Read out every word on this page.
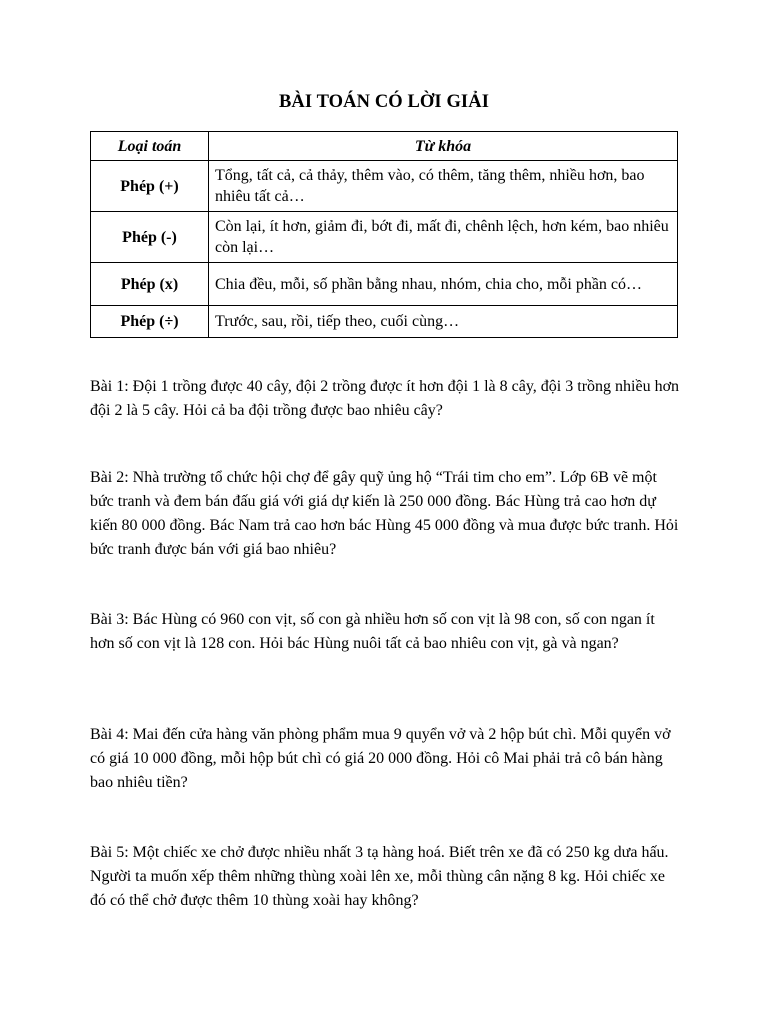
BÀI TOÁN CÓ LỜI GIẢI
Loại toán	Từ khóa
Phép (+)	Tổng, tất cả, cả thảy, thêm vào, có thêm, tăng thêm, nhiều hơn, bao nhiêu tất cả…
Phép (-)	Còn lại, ít hơn, giảm đi, bớt đi, mất đi, chênh lệch, hơn kém, bao nhiêu còn lại…
Phép (x)	Chia đều, mỗi, số phần bằng nhau, nhóm, chia cho, mỗi phần có…
Phép (÷)	Trước, sau, rồi, tiếp theo, cuối cùng…

Bài 1: Đội 1 trồng được 40 cây, đội 2 trồng được ít hơn đội 1 là 8 cây, đội 3 trồng nhiều hơn đội 2 là 5 cây. Hỏi cả ba đội trồng được bao nhiêu cây?

Bài 2: Nhà trường tổ chức hội chợ để gây quỹ ủng hộ “Trái tim cho em”. Lớp 6B vẽ một bức tranh và đem bán đấu giá với giá dự kiến là 250 000 đồng. Bác Hùng trả cao hơn dự kiến 80 000 đồng. Bác Nam trả cao hơn bác Hùng 45 000 đồng và mua được bức tranh. Hỏi bức tranh được bán với giá bao nhiêu?

Bài 3: Bác Hùng có 960 con vịt, số con gà nhiều hơn số con vịt là 98 con, số con ngan ít hơn số con vịt là 128 con. Hỏi bác Hùng nuôi tất cả bao nhiêu con vịt, gà và ngan?

Bài 4: Mai đến cửa hàng văn phòng phẩm mua 9 quyển vở và 2 hộp bút chì. Mỗi quyển vở có giá 10 000 đồng, mỗi hộp bút chì có giá 20 000 đồng. Hỏi cô Mai phải trả cô bán hàng bao nhiêu tiền?

Bài 5: Một chiếc xe chở được nhiều nhất 3 tạ hàng hoá. Biết trên xe đã có 250 kg dưa hấu. Người ta muốn xếp thêm những thùng xoài lên xe, mỗi thùng cân nặng 8 kg. Hỏi chiếc xe đó có thể chở được thêm 10 thùng xoài hay không?
